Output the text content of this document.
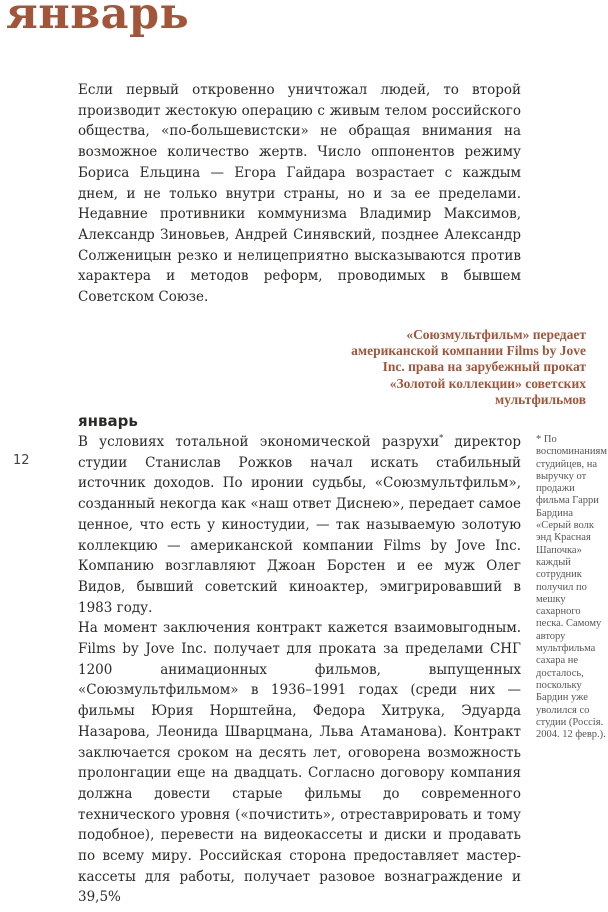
январь

Если первый откровенно уничтожал людей, то второй производит жестокую операцию с живым телом российского общества, «по-большевистски» не обращая внимания на возможное количество жертв. Число оппонентов режиму Бориса Ельцина — Егора Гайдара возрастает с каждым днем, и не только внутри страны, но и за ее пределами. Недавние противники коммунизма Владимир Максимов, Александр Зиновьев, Андрей Синявский, позднее Александр Солженицын резко и нелицеприятно высказываются против характера и методов реформ, проводимых в бывшем Советском Союзе.

«Союзмультфильм» передает американской компании Films by Jove Inc. права на зарубежный прокат «Золотой коллекции» советских мультфильмов

январь
12

В условиях тотальной экономической разрухи* директор студии Станислав Рожков начал искать стабильный источник доходов. По иронии судьбы, «Союзмультфильм», созданный некогда как «наш ответ Диснею», передает самое ценное, что есть у киностудии, — так называемую золотую коллекцию — американской компании Films by Jove Inc. Компанию возглавляют Джоан Борстен и ее муж Олег Видов, бывший советский киноактер, эмигрировавший в 1983 году.

На момент заключения контракт кажется взаимовыгодным. Films by Jove Inc. получает для проката за пределами СНГ 1200 анимационных фильмов, выпущенных «Союзмультфильмом» в 1936–1991 годах (среди них — фильмы Юрия Норштейна, Федора Хитрука, Эдуарда Назарова, Леонида Шварцмана, Льва Атаманова). Контракт заключается сроком на десять лет, оговорена возможность пролонгации еще на двадцать. Согласно договору компания должна довести старые фильмы до современного технического уровня («почистить», отреставрировать и тому подобное), перевести на видеокассеты и диски и продавать по всему миру. Российская сторона предоставляет мастер-кассеты для работы, получает разовое вознаграждение и 39,5%

* По воспоминаниям студийцев, на выручку от продажи фильма Гарри Бардина «Серый волк энд Красная Шапочка» каждый сотрудник получил по мешку сахарного песка. Самому автору мультфильма сахара не досталось, поскольку Бардин уже уволился со студии (Россія. 2004. 12 февр.).
